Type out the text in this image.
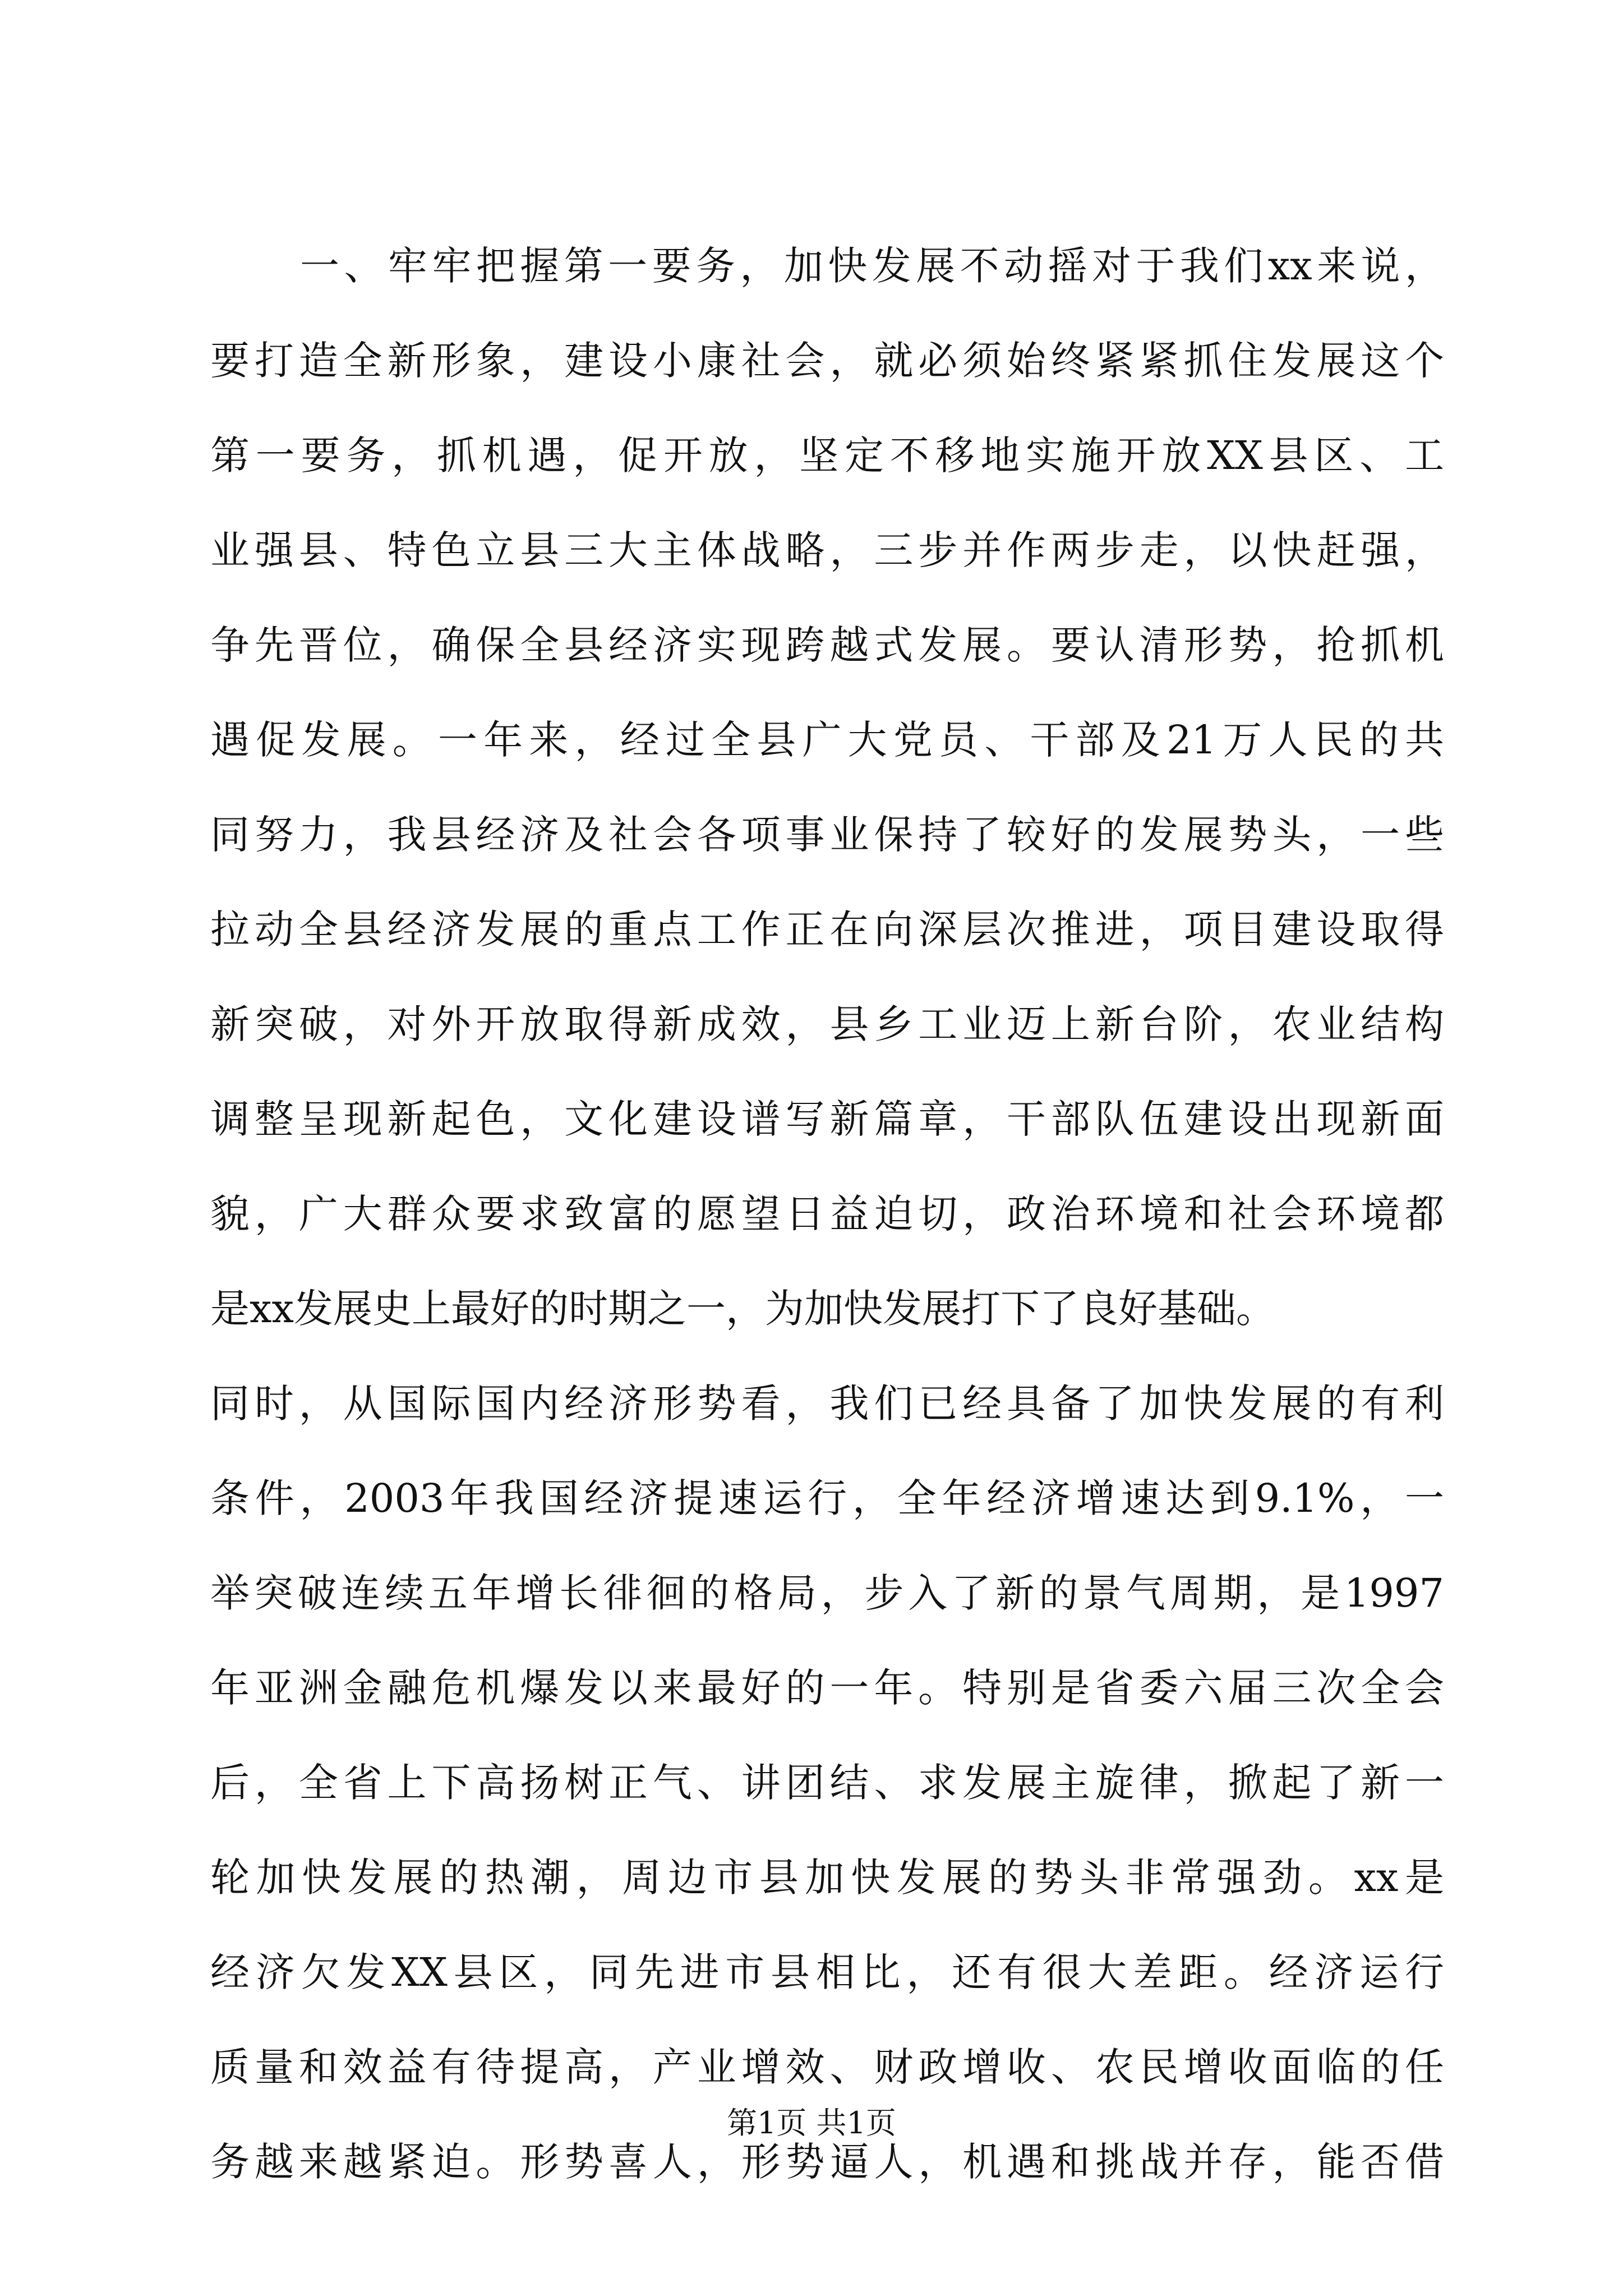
一、牢牢把握第一要务，加快发展不动摇对于我们xx来说，
要打造全新形象，建设小康社会，就必须始终紧紧抓住发展这个
第一要务，抓机遇，促开放，坚定不移地实施开放XX县区、工
业强县、特色立县三大主体战略，三步并作两步走，以快赶强，
争先晋位，确保全县经济实现跨越式发展。要认清形势，抢抓机
遇促发展。一年来，经过全县广大党员、干部及21万人民的共
同努力，我县经济及社会各项事业保持了较好的发展势头，一些
拉动全县经济发展的重点工作正在向深层次推进，项目建设取得
新突破，对外开放取得新成效，县乡工业迈上新台阶，农业结构
调整呈现新起色，文化建设谱写新篇章，干部队伍建设出现新面
貌，广大群众要求致富的愿望日益迫切，政治环境和社会环境都
是xx发展史上最好的时期之一，为加快发展打下了良好基础。
同时，从国际国内经济形势看，我们已经具备了加快发展的有利
条件，2003年我国经济提速运行，全年经济增速达到9.1%，一
举突破连续五年增长徘徊的格局，步入了新的景气周期，是1997
年亚洲金融危机爆发以来最好的一年。特别是省委六届三次全会
后，全省上下高扬树正气、讲团结、求发展主旋律，掀起了新一
轮加快发展的热潮，周边市县加快发展的势头非常强劲。xx是
经济欠发XX县区，同先进市县相比，还有很大差距。经济运行
质量和效益有待提高，产业增效、财政增收、农民增收面临的任
务越来越紧迫。形势喜人，形势逼人，机遇和挑战并存，能否借
第1页 共1页
